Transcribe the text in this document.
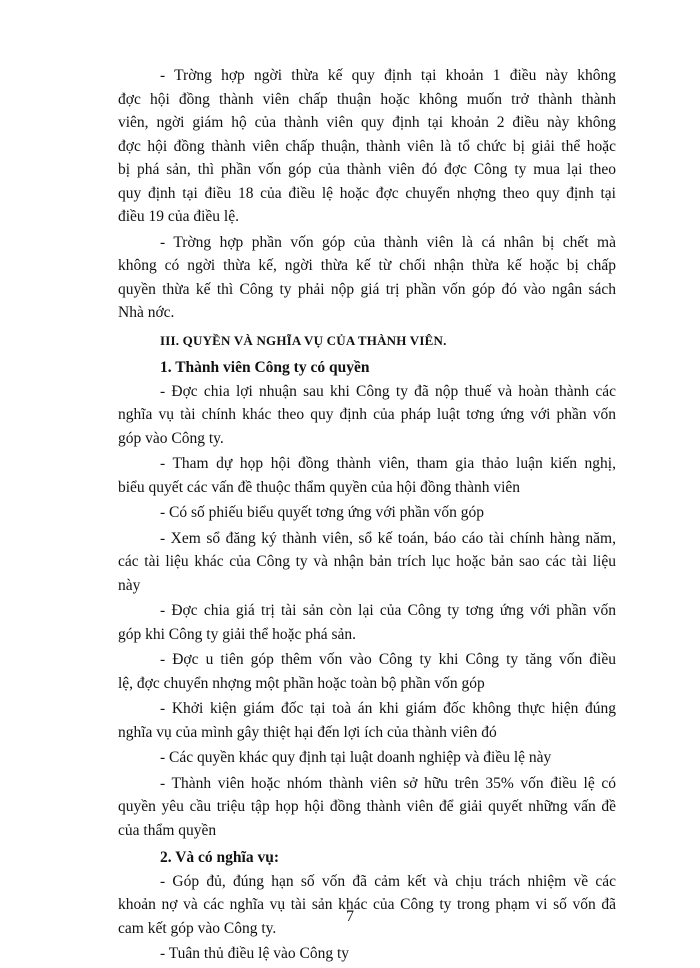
- Trờng hợp ngời thừa kế quy định tại khoản 1 điều này không
đợc hội đồng thành viên chấp thuận hoặc không muốn trở thành thành
viên, ngời giám hộ của thành viên quy định tại khoản 2 điều này không
đợc hội đồng thành viên chấp thuận, thành viên là tổ chức bị giải thể hoặc
bị phá sản, thì phần vốn góp của thành viên đó đợc Công ty mua lại theo
quy định tại điều 18 của điều lệ hoặc đợc chuyển nhợng theo quy định tại
điều 19 của điều lệ.
- Trờng hợp phần vốn góp của thành viên là cá nhân bị chết mà
không có ngời thừa kế, ngời thừa kế từ chối nhận thừa kế hoặc bị chấp
quyền thừa kế thì Công ty phải nộp giá trị phần vốn góp đó vào ngân sách
Nhà nớc.
III. QUYỀN VÀ NGHĨA VỤ CỦA THÀNH VIÊN.
1. Thành viên Công ty có quyền
- Đợc chia lợi nhuận sau khi Công ty đã nộp thuế và hoàn thành các
nghĩa vụ tài chính khác theo quy định của pháp luật tơng ứng với phần vốn
góp vào Công ty.
- Tham dự họp hội đồng thành viên, tham gia thảo luận kiến nghị,
biểu quyết các vấn đề thuộc thẩm quyền của hội đồng thành viên
- Có số phiếu biểu quyết tơng ứng với phần vốn góp
- Xem sổ đăng ký thành viên, sổ kế toán, báo cáo tài chính hàng năm,
các tài liệu khác của Công ty và nhận bản trích lục hoặc bản sao các tài liệu
này
- Đợc chia giá trị tài sản còn lại của Công ty tơng ứng với phần vốn
góp khi Công ty giải thể hoặc phá sản.
- Đợc u tiên góp thêm vốn vào Công ty khi Công ty tăng vốn điều
lệ, đợc chuyển nhợng một phần hoặc toàn bộ phần vốn góp
- Khởi kiện giám đốc tại toà án khi giám đốc không thực hiện đúng
nghĩa vụ của mình gây thiệt hại đến lợi ích của thành viên đó
- Các quyền khác quy định tại luật doanh nghiệp và điều lệ này
- Thành viên hoặc nhóm thành viên sở hữu trên 35% vốn điều lệ có
quyền yêu cầu triệu tập họp hội đồng thành viên để giải quyết những vấn đề
của thẩm quyền
2. Và có nghĩa vụ:
- Góp đủ, đúng hạn số vốn đã cảm kết và chịu trách nhiệm về các
khoản nợ và các nghĩa vụ tài sản khác của Công ty trong phạm vi số vốn đã
cam kết góp vào Công ty.
- Tuân thủ điều lệ vào Công ty
7
